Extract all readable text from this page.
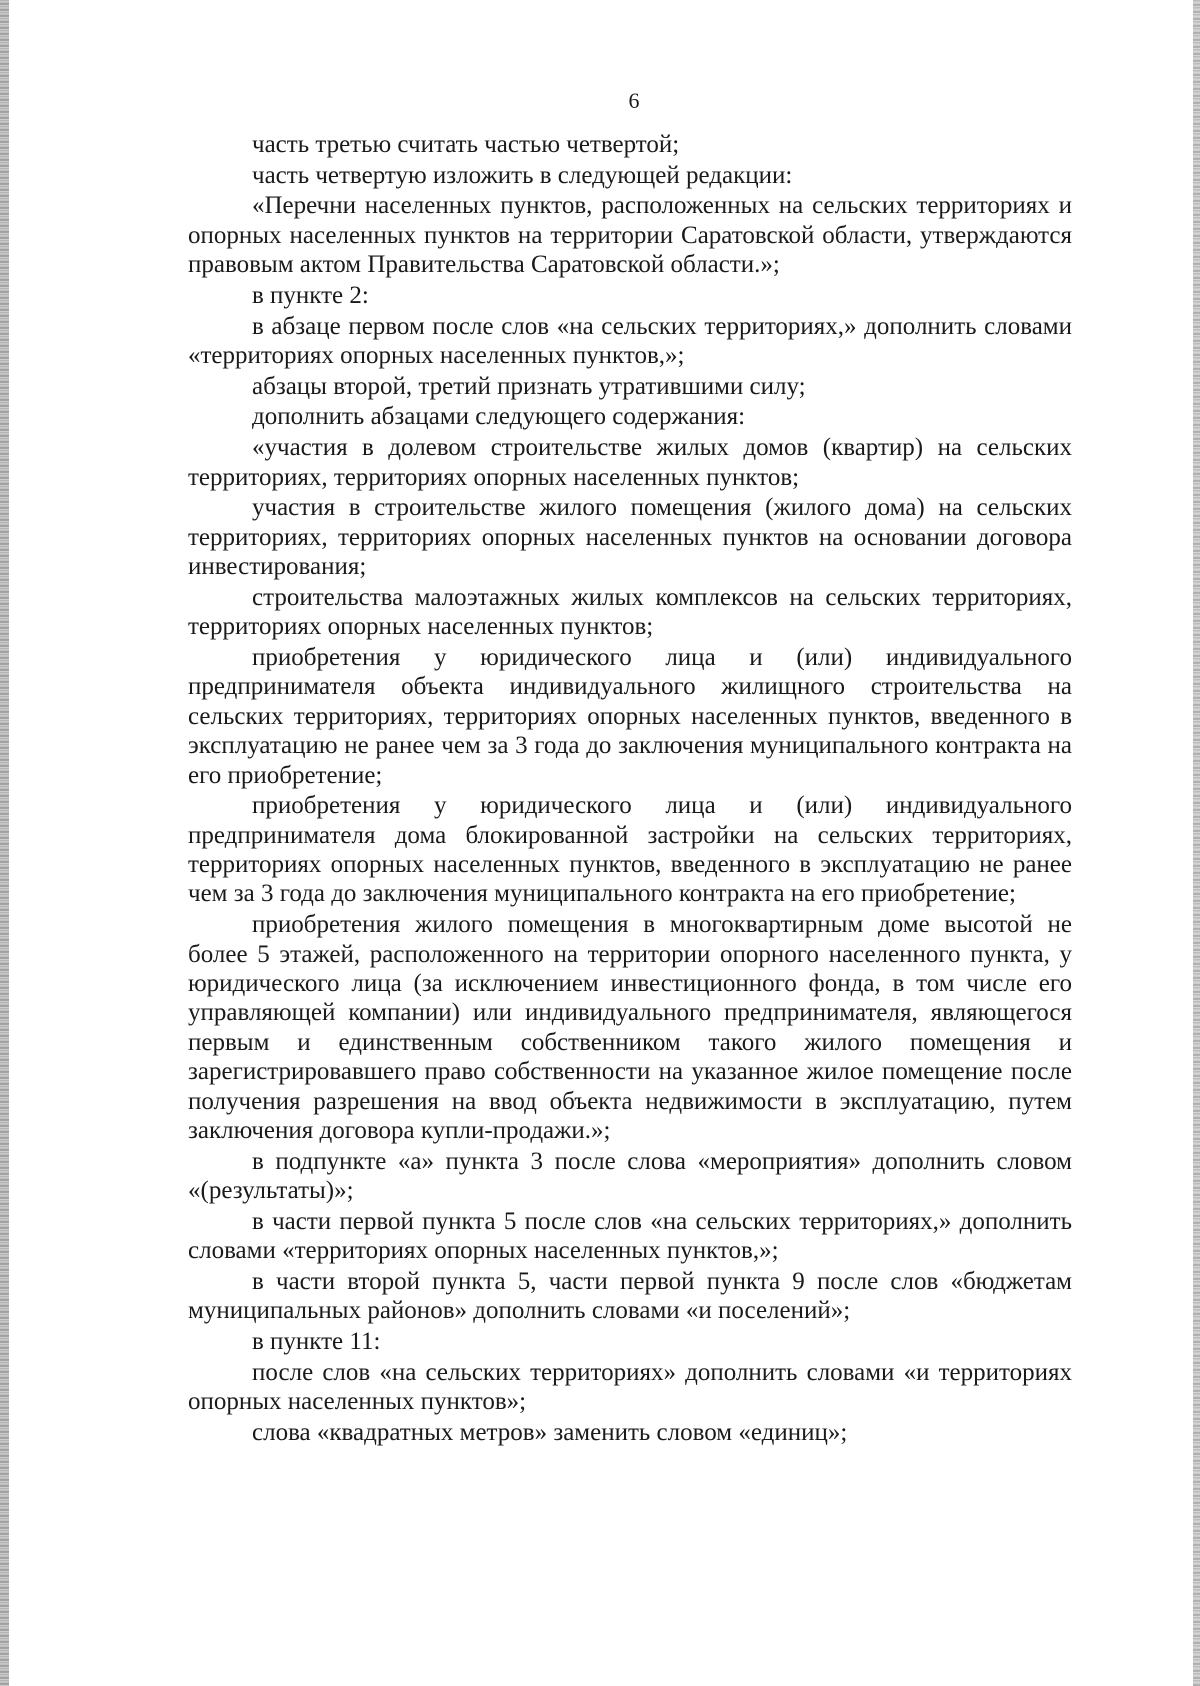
6

часть третью считать частью четвертой;

часть четвертую изложить в следующей редакции:

«Перечни населенных пунктов, расположенных на сельских территориях и опорных населенных пунктов на территории Саратовской области, утверждаются правовым актом Правительства Саратовской области.»;

в пункте 2:

в абзаце первом после слов «на сельских территориях,» дополнить словами «территориях опорных населенных пунктов,»;

абзацы второй, третий признать утратившими силу;

дополнить абзацами следующего содержания:

«участия в долевом строительстве жилых домов (квартир) на сельских территориях, территориях опорных населенных пунктов;

участия в строительстве жилого помещения (жилого дома) на сельских территориях, территориях опорных населенных пунктов на основании договора инвестирования;

строительства малоэтажных жилых комплексов на сельских территориях, территориях опорных населенных пунктов;

приобретения у юридического лица и (или) индивидуального предпринимателя объекта индивидуального жилищного строительства на сельских территориях, территориях опорных населенных пунктов, введенного в эксплуатацию не ранее чем за 3 года до заключения муниципального контракта на его приобретение;

приобретения у юридического лица и (или) индивидуального предпринимателя дома блокированной застройки на сельских территориях, территориях опорных населенных пунктов, введенного в эксплуатацию не ранее чем за 3 года до заключения муниципального контракта на его приобретение;

приобретения жилого помещения в многоквартирным доме высотой не более 5 этажей, расположенного на территории опорного населенного пункта, у юридического лица (за исключением инвестиционного фонда, в том числе его управляющей компании) или индивидуального предпринимателя, являющегося первым и единственным собственником такого жилого помещения и зарегистрировавшего право собственности на указанное жилое помещение после получения разрешения на ввод объекта недвижимости в эксплуатацию, путем заключения договора купли-продажи.»;

в подпункте «а» пункта 3 после слова «мероприятия» дополнить словом «(результаты)»;

в части первой пункта 5 после слов «на сельских территориях,» дополнить словами «территориях опорных населенных пунктов,»;

в части второй пункта 5, части первой пункта 9 после слов «бюджетам муниципальных районов» дополнить словами «и поселений»;

в пункте 11:

после слов «на сельских территориях» дополнить словами «и территориях опорных населенных пунктов»;

слова «квадратных метров» заменить словом «единиц»;
